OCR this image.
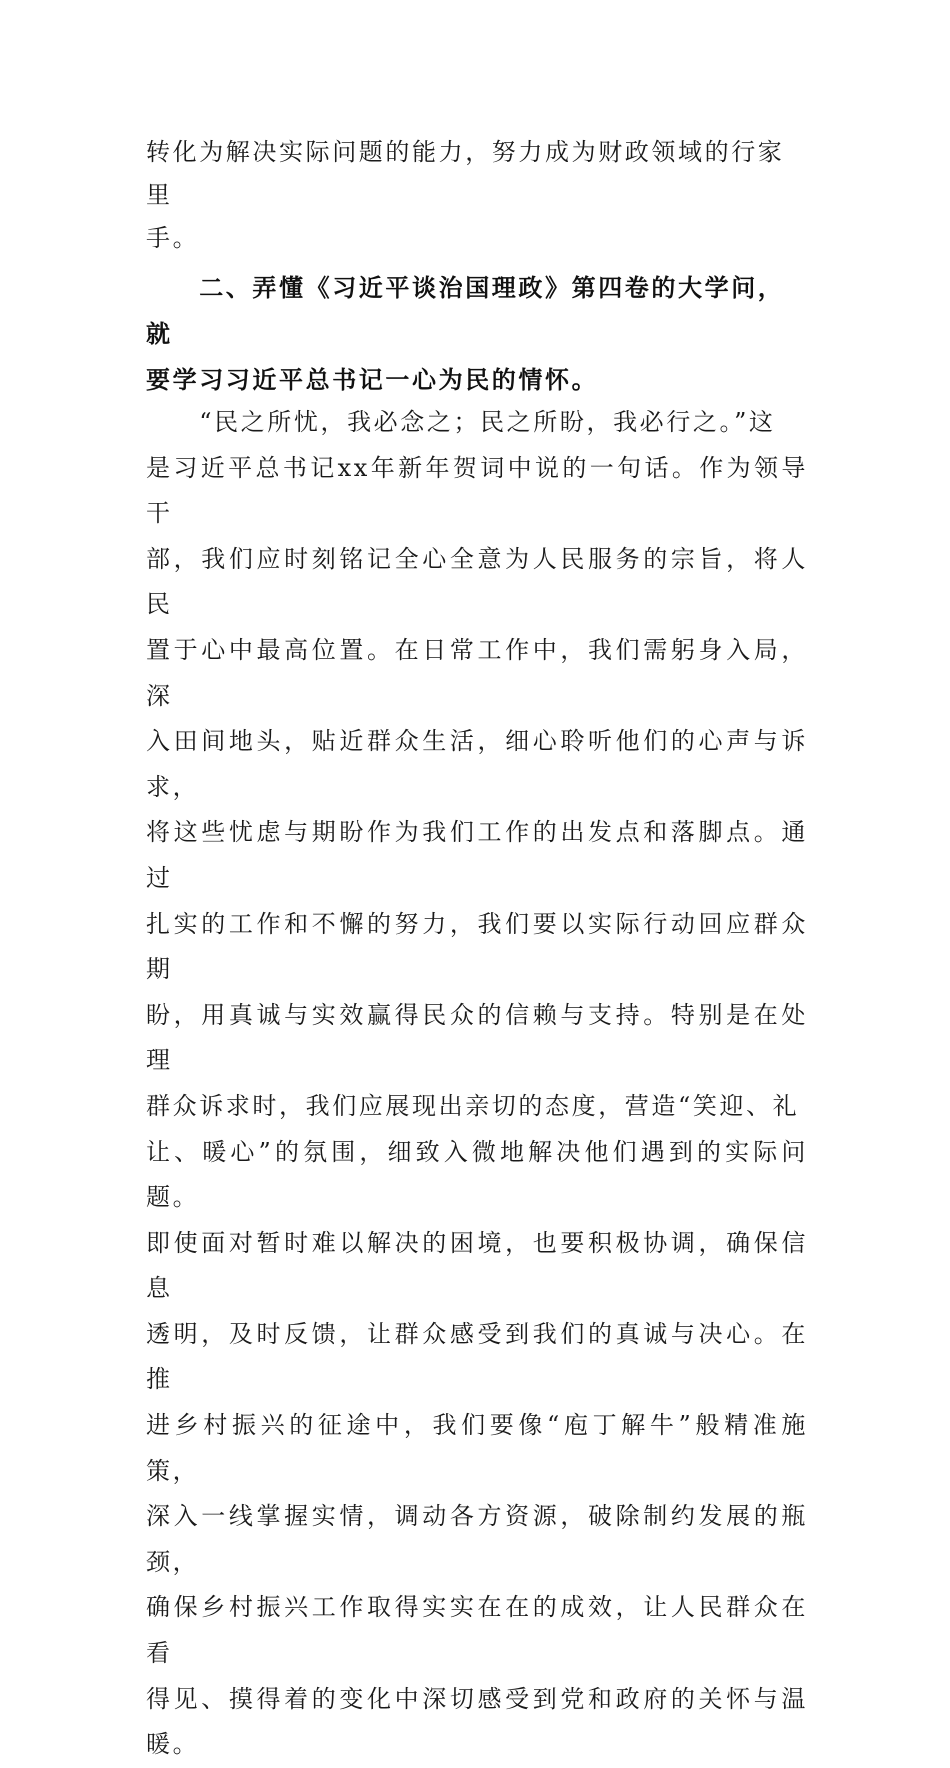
转化为解决实际问题的能力，努力成为财政领域的行家里
手。

　　二、弄懂《习近平谈治国理政》第四卷的大学问，就
要学习习近平总书记一心为民的情怀。

　　“民之所忧，我必念之；民之所盼，我必行之。”这
是习近平总书记xx年新年贺词中说的一句话。作为领导干
部，我们应时刻铭记全心全意为人民服务的宗旨，将人民
置于心中最高位置。在日常工作中，我们需躬身入局，深
入田间地头，贴近群众生活，细心聆听他们的心声与诉求，
将这些忧虑与期盼作为我们工作的出发点和落脚点。通过
扎实的工作和不懈的努力，我们要以实际行动回应群众期
盼，用真诚与实效赢得民众的信赖与支持。特别是在处理
群众诉求时，我们应展现出亲切的态度，营造“笑迎、礼
让、暖心”的氛围，细致入微地解决他们遇到的实际问题。
即使面对暂时难以解决的困境，也要积极协调，确保信息
透明，及时反馈，让群众感受到我们的真诚与决心。在推
进乡村振兴的征途中，我们要像“庖丁解牛”般精准施策，
深入一线掌握实情，调动各方资源，破除制约发展的瓶颈，
确保乡村振兴工作取得实实在在的成效，让人民群众在看
得见、摸得着的变化中深切感受到党和政府的关怀与温暖。
